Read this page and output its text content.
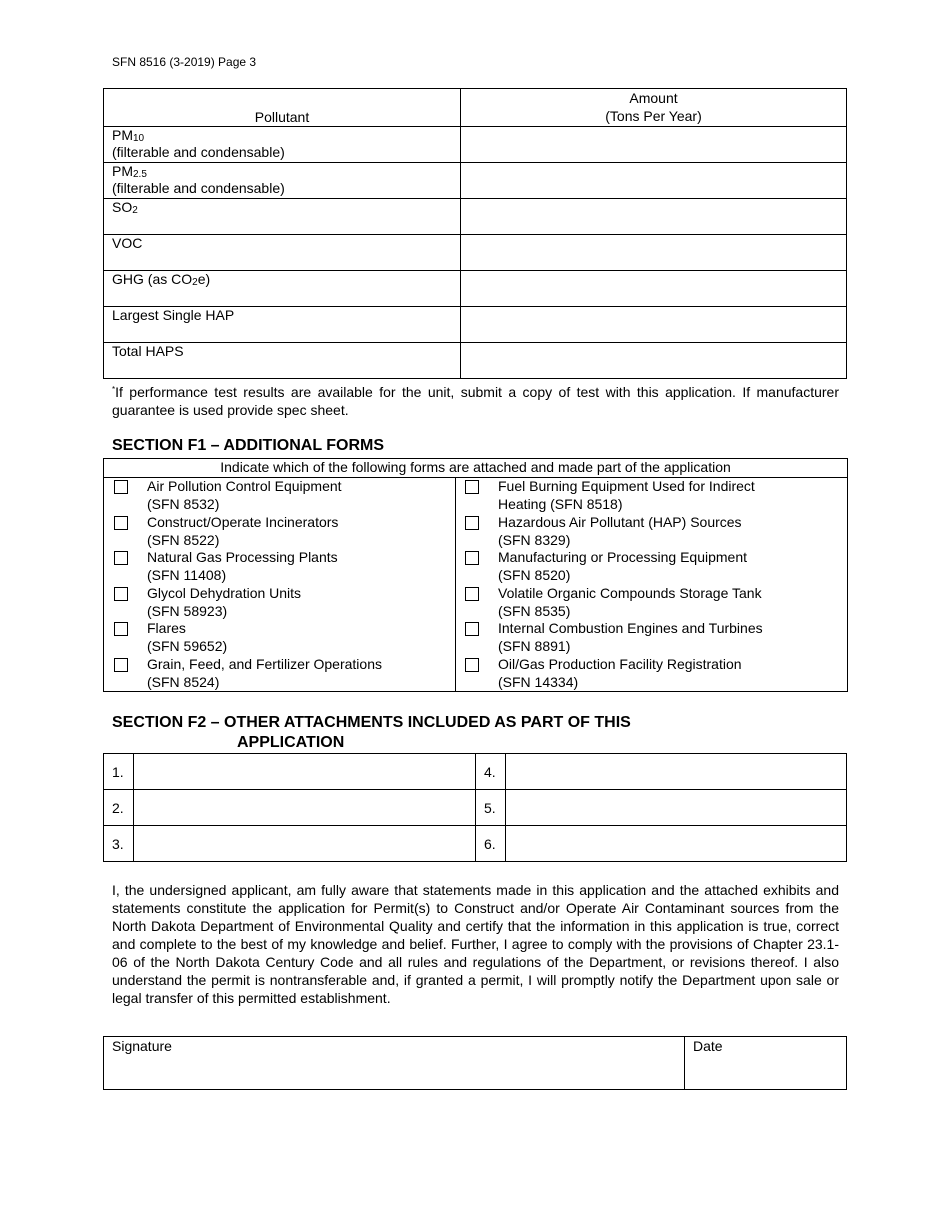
SFN 8516 (3-2019) Page 3
Pollutant	Amount
(Tons Per Year)

$PM_{10}$
(filterable and condensable)	

$PM_{2.5}$
(filterable and condensable)	

$SO_2$

VOC	

GHG (as $CO_2e$)	

Largest Single HAP	

Total HAPS	

*If performance test results are available for the unit, submit a copy of test with this application. If manufacturer guarantee is used provide spec sheet.
SECTION F1 – ADDITIONAL FORMS
Indicate which of the following forms are attached and made part of the application
Air Pollution Control Equipment
(SFN 8532)
Construct/Operate Incinerators
(SFN 8522)
Natural Gas Processing Plants
(SFN 11408)
Glycol Dehydration Units
(SFN 58923)
Flares
(SFN 59652)
Grain, Feed, and Fertilizer Operations
(SFN 8524)
Fuel Burning Equipment Used for Indirect
Heating (SFN 8518)
Hazardous Air Pollutant (HAP) Sources
(SFN 8329)
Manufacturing or Processing Equipment
(SFN 8520)
Volatile Organic Compounds Storage Tank
(SFN 8535)
Internal Combustion Engines and Turbines
(SFN 8891)
Oil/Gas Production Facility Registration
(SFN 14334)
SECTION F2 – OTHER ATTACHMENTS INCLUDED AS PART OF THIS
APPLICATION
1.		4.	
2.		5.	
3.		6.	
I, the undersigned applicant, am fully aware that statements made in this application and the attached exhibits and statements constitute the application for Permit(s) to Construct and/or Operate Air Contaminant sources from the North Dakota Department of Environmental Quality and certify that the information in this application is true, correct and complete to the best of my knowledge and belief. Further, I agree to comply with the provisions of Chapter 23.1-06 of the North Dakota Century Code and all rules and regulations of the Department, or revisions thereof. I also understand the permit is nontransferable and, if granted a permit, I will promptly notify the Department upon sale or legal transfer of this permitted establishment.
Signature	Date
